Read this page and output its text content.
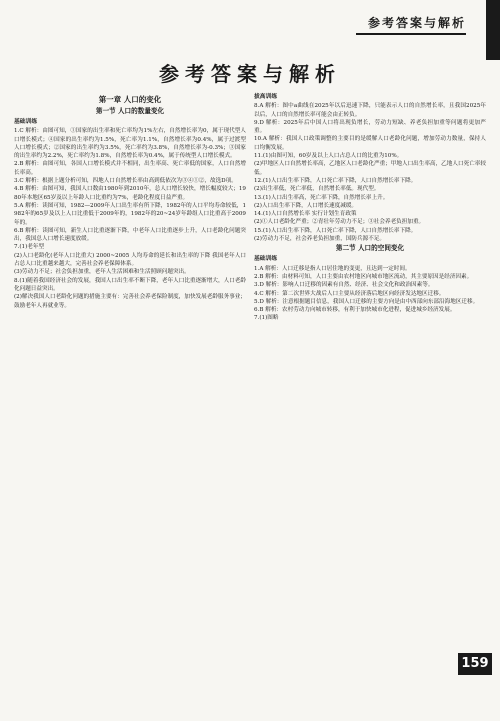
参考答案与解析
参考答案与解析
第一章 人口的变化
第一节 人口的数量变化
基础训练

1.C 解析：由图可知，①国家的出生率和死亡率均为1%左右，自然增长率为0，属于现代型人口增长模式；④国家的出生率约为1.5%，死亡率为1.1%，自然增长率为0.4%，属于过渡型人口增长模式；②国家的出生率约为3.5%，死亡率约为3.8%，自然增长率为-0.3%；③国家的出生率约为2.2%，死亡率约为1.8%，自然增长率为0.4%，属于传统型人口增长模式。

2.B 解析：由图可知，各国人口增长模式并不相同，出生率高、死亡率低的国家，人口自然增长率高。

3.C 解析：根据上题分析可知，四地人口自然增长率由高到低依次为③④①②，故选D项。

4.B 解析：由图可知，我国人口数由1980年到2010年，总人口增长较快，增长幅度较大；1980年本地区65岁及以上年龄人口比重约为7%，老龄化程度日益严重。

5.A 解析：读图可知，1982—2009年人口出生率有所下降，1982年的人口平均寿命较低，1982年的65岁及以上人口比重低于2009年的，1982年的20~24岁年龄组人口比重高于2009年的。

6.B 解析：读图可知，新生人口比重逐渐下降，中老年人口比重逐步上升，人口老龄化问题突出，我国总人口增长速度放缓。

7.(1)老年型

(2)人口老龄化(老年人口比重大) 2000~2005 人均寿命的延长和出生率的下降 我国老年人口占总人口比重越来越大，完善社会养老保障体系。

(3)劳动力不足；社会负担加重，老年人生活困难和生活照顾问题突出。

8.(1)随着我国经济社会的发展，我国人口出生率不断下降，老年人口比重逐渐增大，人口老龄化问题日益突出。

(2)解决我国人口老龄化问题的措施主要有：完善社会养老保险制度，加快发展老龄服务事业；鼓励老年人再就业等。

拔高训练

8.A 解析：图中a曲线在2025年以后迅速下降，只能表示人口的自然增长率，且我国2025年以后，人口的自然增长率可能会由正转负。

9.D 解析：2025年后中国人口将出现负增长，劳动力短缺、养老负担加重等问题将更加严重。

10.A 解析：我国人口政策调整的主要目的是缓解人口老龄化问题，增加劳动力数量，保持人口均衡发展。

11.(1)由图可知，60岁及以上人口占总人口的比重为10%。

(2)甲地区人口自然增长率高，乙地区人口老龄化严重；甲地人口出生率高，乙地人口死亡率较低。

12.(1)人口出生率下降，人口死亡率下降，人口自然增长率下降。

(2)出生率低，死亡率低，自然增长率低。现代型。

13.(1)人口出生率高，死亡率下降，自然增长率上升。

(2)人口出生率下降，人口增长速度减缓。

14.(1)人口自然增长率 实行计划生育政策

(2)①人口老龄化严重；②青壮年劳动力不足；③社会养老负担加重。

15.(1)人口出生率下降，人口死亡率下降，人口自然增长率下降。

(2)劳动力不足，社会养老负担加重，国防兵源不足。

第二节 人口的空间变化
基础训练

1.A 解析：人口迁移是指人口居住地的变更，且达到一定时间。

2.B 解析：由材料可知，人口主要由农村地区向城市地区流动，其主要原因是经济因素。

3.D 解析：影响人口迁移的因素有自然、经济、社会文化和政治因素等。

4.C 解析：第二次世界大战后人口主要从经济落后地区向经济发达地区迁移。

5.D 解析：注意根据题目信息，我国人口迁移的主要方向是由中西部向东部沿海地区迁移。

6.B 解析：农村劳动力向城市转移，有利于加快城市化进程，促进城乡经济发展。

7.(1)图略

159
